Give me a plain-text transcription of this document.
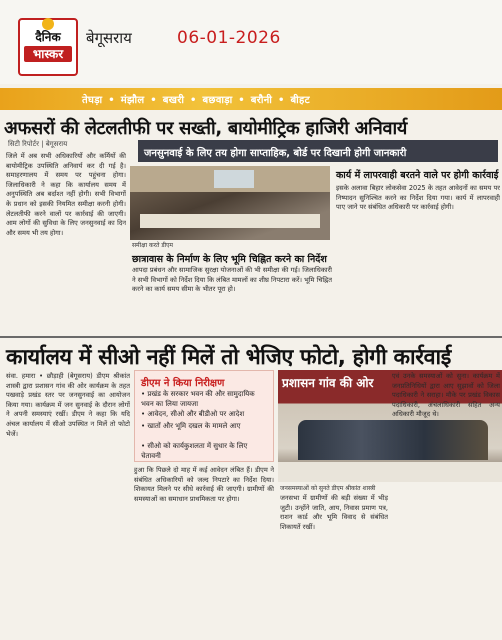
दैनिक
भास्कर
बेगूसराय	06-01-2026
तेघड़ा • मंझौल • बखरी • बछवाड़ा • बरौनी • बीहट
अफसरों की लेटलतीफी पर सख्ती, बायोमीट्रिक हाजिरी अनिवार्य
सिटी रिपोर्टर | बेगूसराय
जनसुनवाई के लिए तय होगा साप्ताहिक, बोर्ड पर दिखानी होगी जानकारी
जिले में अब सभी अधिकारियों और कर्मियों की बायोमीट्रिक उपस्थिति अनिवार्य कर दी गई है। समाहरणालय में समय पर पहुंचना होगा। जिलाधिकारी ने कहा कि कार्यालय समय में अनुपस्थिति अब बर्दाश्त नहीं होगी। सभी विभागों के प्रधान को इसकी नियमित समीक्षा करनी होगी। लेटलतीफी करने वालों पर कार्रवाई की जाएगी। आम लोगों की सुविधा के लिए जनसुनवाई का दिन और समय भी तय होगा।
समीक्षा करते डीएम
कार्य में लापरवाही बरतने वाले पर होगी कार्रवाई
इसके अलावा बिहार लोकसेवा 2025 के तहत आवेदनों का समय पर निष्पादन सुनिश्चित करने का निर्देश दिया गया। कार्य में लापरवाही पाए जाने पर संबंधित अधिकारी पर कार्रवाई होगी।
छात्रावास के निर्माण के लिए भूमि चिह्नित करने का निर्देश
आपदा प्रबंधन और सामाजिक सुरक्षा योजनाओं की भी समीक्षा की गई। जिलाधिकारी ने सभी विभागों को निर्देश दिया कि लंबित मामलों का शीघ्र निपटारा करें। भूमि चिह्नित करने का कार्य समय सीमा के भीतर पूरा हो।
कार्यालय में सीओ नहीं मिलें तो भेजिए फोटो, होगी कार्रवाई
संवा. हमारा • छौड़ाही (बेगूसराय) डीएम श्रीकांत शास्त्री द्वारा प्रशासन गांव की ओर कार्यक्रम के तहत पखवाड़े प्रखंड स्तर पर जनसुनवाई का आयोजन किया गया। कार्यक्रम में जन सुनवाई के दौरान लोगों ने अपनी समस्याएं रखीं। डीएम ने कहा कि यदि अंचल कार्यालय में सीओ उपस्थित न मिलें तो फोटो भेजें।
डीएम ने किया निरीक्षण
• प्रखंड के सरकार भवन की और सामुदायिक भवन का लिया जायजा
• आवेदन, सीओ और बीडीओ पर आदेश
• खातों और भूमि दखल के मामले आए
• सीओ को कार्यकुशलता में सुधार के लिए चेतावनी
प्रशासन गांव की ओर
जनसमस्याओं को सुनते डीएम श्रीकांत शास्त्री
हुआ कि पिछले दो माह में कई आवेदन लंबित हैं। डीएम ने संबंधित अधिकारियों को जल्द निपटारे का निर्देश दिया। शिकायत मिलने पर सीधे कार्रवाई की जाएगी। ग्रामीणों की समस्याओं का समाधान प्राथमिकता पर होगा।	जनसभा में ग्रामीणों की बड़ी संख्या में भीड़ जुटी। उन्होंने जाति, आय, निवास प्रमाण पत्र, राशन कार्ड और भूमि विवाद से संबंधित शिकायतें रखीं।
एवं उनके समस्याओं को सुना। कार्यक्रम में जनप्रतिनिधियों द्वारा आए सुझावों को जिला पदाधिकारी ने सराहा। मौके पर प्रखंड विकास पदाधिकारी, अंचलाधिकारी सहित अन्य अधिकारी मौजूद थे।
